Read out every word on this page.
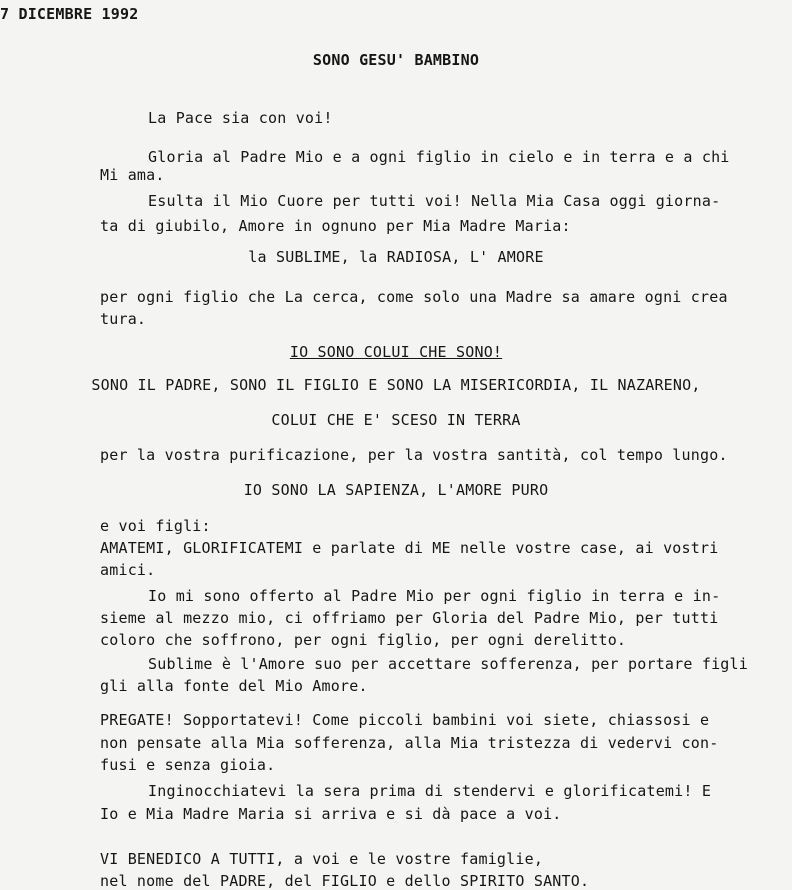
7 DICEMBRE 1992
SONO GESU' BAMBINO
La Pace sia con voi!
Gloria al Padre Mio e a ogni figlio in cielo e in terra e a chi
Mi ama.
Esulta il Mio Cuore per tutti voi! Nella Mia Casa oggi giorna-
ta di giubilo, Amore in ognuno per Mia Madre Maria:
la SUBLIME, la RADIOSA, L' AMORE
per ogni figlio che La cerca, come solo una Madre sa amare ogni crea
tura.
IO SONO COLUI CHE SONO!
SONO IL PADRE, SONO IL FIGLIO E SONO LA MISERICORDIA, IL NAZARENO,
COLUI CHE E' SCESO IN TERRA
per la vostra purificazione, per la vostra santità, col tempo lungo.
IO SONO LA SAPIENZA, L'AMORE PURO
e voi figli:
AMATEMI, GLORIFICATEMI e parlate di ME nelle vostre case, ai vostri
amici.
Io mi sono offerto al Padre Mio per ogni figlio in terra e in-
sieme al mezzo mio, ci offriamo per Gloria del Padre Mio, per tutti
coloro che soffrono, per ogni figlio, per ogni derelitto.
Sublime è l'Amore suo per accettare sofferenza, per portare figli
gli alla fonte del Mio Amore.
PREGATE! Sopportatevi! Come piccoli bambini voi siete, chiassosi e
non pensate alla Mia sofferenza, alla Mia tristezza di vedervi con-
fusi e senza gioia.
Inginocchiatevi la sera prima di stendervi e glorificatemi! E
Io e Mia Madre Maria si arriva e si dà pace a voi.
VI BENEDICO A TUTTI, a voi e le vostre famiglie,
nel nome del PADRE, del FIGLIO e dello SPIRITO SANTO.
